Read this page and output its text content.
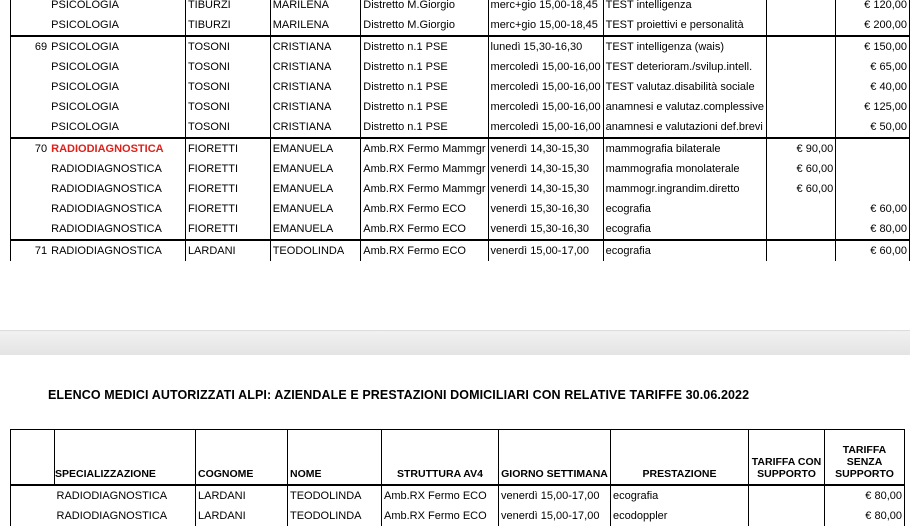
	PSICOLOGIA	TIBURZI	MARILENA	Distretto M.Giorgio	merc+gio 15,00-18,45	TEST intelligenza		€ 120,00
	PSICOLOGIA	TIBURZI	MARILENA	Distretto M.Giorgio	merc+gio 15,00-18,45	TEST proiettivi e personalità		€ 200,00
69	PSICOLOGIA	TOSONI	CRISTIANA	Distretto n.1 PSE	lunedì 15,30-16,30	TEST intelligenza (wais)		€ 150,00
	PSICOLOGIA	TOSONI	CRISTIANA	Distretto n.1 PSE	mercoledì 15,00-16,00	TEST deterioram./svilup.intell.		€ 65,00
	PSICOLOGIA	TOSONI	CRISTIANA	Distretto n.1 PSE	mercoledì 15,00-16,00	TEST valutaz.disabilità sociale		€ 40,00
	PSICOLOGIA	TOSONI	CRISTIANA	Distretto n.1 PSE	mercoledì 15,00-16,00	anamnesi e valutaz.complessive		€ 125,00
	PSICOLOGIA	TOSONI	CRISTIANA	Distretto n.1 PSE	mercoledì 15,00-16,00	anamnesi e valutazioni def.brevi		€ 50,00
70	RADIODIAGNOSTICA	FIORETTI	EMANUELA	Amb.RX Fermo Mammgr	venerdì 14,30-15,30	mammografia bilaterale	€ 90,00	
	RADIODIAGNOSTICA	FIORETTI	EMANUELA	Amb.RX Fermo Mammgr	venerdì 14,30-15,30	mammografia monolaterale	€ 60,00	
	RADIODIAGNOSTICA	FIORETTI	EMANUELA	Amb.RX Fermo Mammgr	venerdì 14,30-15,30	mammogr.ingrandim.diretto	€ 60,00	
	RADIODIAGNOSTICA	FIORETTI	EMANUELA	Amb.RX Fermo ECO	venerdì 15,30-16,30	ecografia		€ 60,00
	RADIODIAGNOSTICA	FIORETTI	EMANUELA	Amb.RX Fermo ECO	venerdì 15,30-16,30	ecografia		€ 80,00
71	RADIODIAGNOSTICA	LARDANI	TEODOLINDA	Amb.RX Fermo ECO	venerdì 15,00-17,00	ecografia		€ 60,00
ELENCO MEDICI AUTORIZZATI ALPI: AZIENDALE E PRESTAZIONI DOMICILIARI CON RELATIVE TARIFFE 30.06.2022
	SPECIALIZZAZIONE	COGNOME	NOME	STRUTTURA AV4	GIORNO SETTIMANA	PRESTAZIONE	TARIFFA CON SUPPORTO	TARIFFA SENZA SUPPORTO
	RADIODIAGNOSTICA	LARDANI	TEODOLINDA	Amb.RX Fermo ECO	venerdì 15,00-17,00	ecografia		€ 80,00
	RADIODIAGNOSTICA	LARDANI	TEODOLINDA	Amb.RX Fermo ECO	venerdì 15,00-17,00	ecodoppler		€ 80,00
